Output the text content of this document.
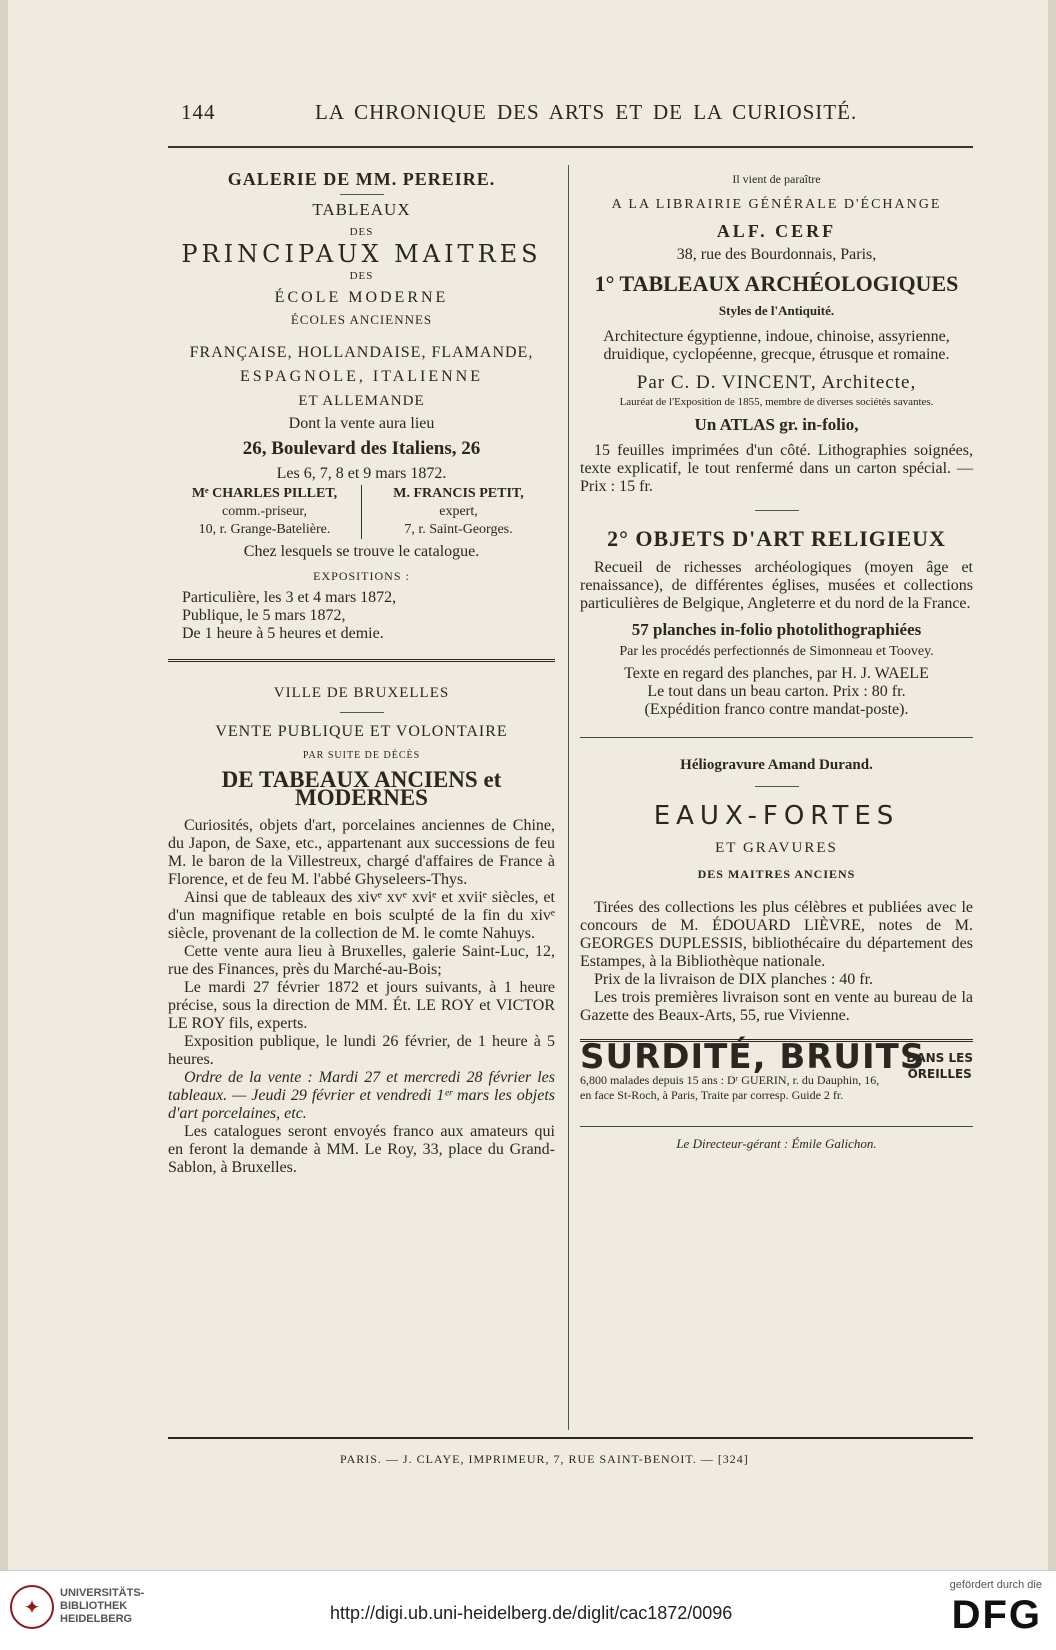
144	LA CHRONIQUE DES ARTS ET DE LA CURIOSITÉ.
GALERIE DE MM. PEREIRE.
TABLEAUX
DES
PRINCIPAUX MAITRES
DES
ÉCOLE MODERNE
ÉCOLES ANCIENNES
FRANÇAISE, HOLLANDAISE, FLAMANDE,
ESPAGNOLE, ITALIENNE
ET ALLEMANDE
Dont la vente aura lieu
26, Boulevard des Italiens, 26
Les 6, 7, 8 et 9 mars 1872.
Mᵉ CHARLES PILLET,
comm.-priseur,
10, r. Grange-Batelière.
M. FRANCIS PETIT,
expert,
7, r. Saint-Georges.
Chez lesquels se trouve le catalogue.
EXPOSITIONS :
Particulière, les 3 et 4 mars 1872,
Publique, le 5 mars 1872,
De 1 heure à 5 heures et demie.
VILLE DE BRUXELLES
VENTE PUBLIQUE ET VOLONTAIRE
PAR SUITE DE DÉCÈS
DE TABEAUX ANCIENS et MODERNES
Curiosités, objets d'art, porcelaines anciennes de Chine, du Japon, de Saxe, etc., appartenant aux successions de feu M. le baron de la Villestreux, chargé d'affaires de France à Florence, et de feu M. l'abbé Ghyseleers-Thys.
Ainsi que de tableaux des xivᵉ xvᵉ xviᵉ et xviiᵉ siècles, et d'un magnifique retable en bois sculpté de la fin du xivᵉ siècle, provenant de la collection de M. le comte Nahuys.
Cette vente aura lieu à Bruxelles, galerie Saint-Luc, 12, rue des Finances, près du Marché-au-Bois;
Le mardi 27 février 1872 et jours suivants, à 1 heure précise, sous la direction de MM. Ét. LE ROY et VICTOR LE ROY fils, experts.
Exposition publique, le lundi 26 février, de 1 heure à 5 heures.
Ordre de la vente : Mardi 27 et mercredi 28 février les tableaux. — Jeudi 29 février et vendredi 1ᵉʳ mars les objets d'art porcelaines, etc.
Les catalogues seront envoyés franco aux amateurs qui en feront la demande à MM. Le Roy, 33, place du Grand-Sablon, à Bruxelles.
Il vient de paraître
A LA LIBRAIRIE GÉNÉRALE D'ÉCHANGE
ALF. CERF
38, rue des Bourdonnais, Paris,
1° TABLEAUX ARCHÉOLOGIQUES
Styles de l'Antiquité.
Architecture égyptienne, indoue, chinoise, assyrienne, druidique, cyclopéenne, grecque, étrusque et romaine.
Par C. D. VINCENT, Architecte,
Lauréat de l'Exposition de 1855, membre de diverses sociétés savantes.
Un ATLAS gr. in-folio,
15 feuilles imprimées d'un côté. Lithographies soignées, texte explicatif, le tout renfermé dans un carton spécial. — Prix : 15 fr.
2° OBJETS D'ART RELIGIEUX
Recueil de richesses archéologiques (moyen âge et renaissance), de différentes églises, musées et collections particulières de Belgique, Angleterre et du nord de la France.
57 planches in-folio photolithographiées
Par les procédés perfectionnés de Simonneau et Toovey.
Texte en regard des planches, par H. J. WAELE
Le tout dans un beau carton. Prix : 80 fr.
(Expédition franco contre mandat-poste).
Héliogravure Amand Durand.
EAUX-FORTES
ET GRAVURES
DES MAITRES ANCIENS
Tirées des collections les plus célèbres et publiées avec le concours de M. ÉDOUARD LIÈVRE, notes de M. GEORGES DUPLESSIS, bibliothécaire du département des Estampes, à la Bibliothèque nationale.
Prix de la livraison de DIX planches : 40 fr.
Les trois premières livraison sont en vente au bureau de la Gazette des Beaux-Arts, 55, rue Vivienne.
SURDITÉ, BRUITS
DANS LES
OREILLES
6,800 malades depuis 15 ans : Dʳ GUERIN, r. du Dauphin, 16,
en face St-Roch, à Paris, Traite par corresp. Guide 2 fr.
Le Directeur-gérant : Émile Galichon.
PARIS. — J. CLAYE, IMPRIMEUR, 7, RUE SAINT-BENOIT. — [324]
✦
UNIVERSITÄTS-
BIBLIOTHEK
HEIDELBERG	http://digi.ub.uni-heidelberg.de/diglit/cac1872/0096
gefördert durch die
DFG
